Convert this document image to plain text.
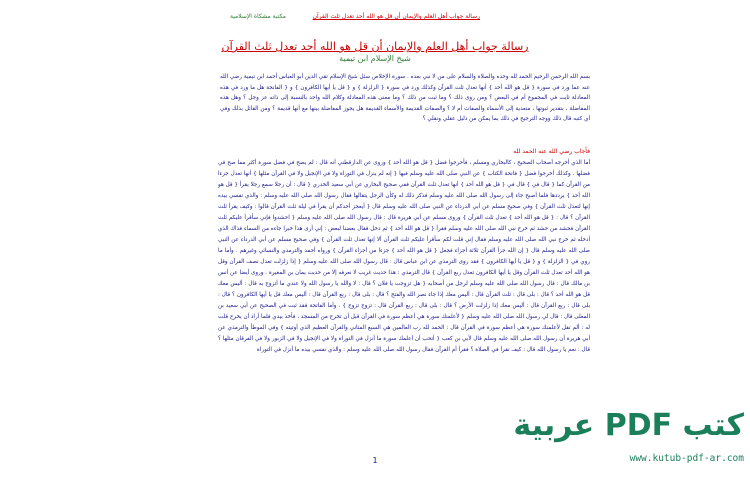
رسالة جواب أهل العلم والإيمان أن قل هو الله أحد تعدل ثلث القرآن
مكتبة مشكاة الإسلامية
رسالة جواب أهل العلم والإيمان أن قل هو الله أحد تعدل ثلث القرآن
شيخ الإسلام ابن تيمية
بسم الله الرحمن الرحيم الحمد لله وحده والصلاة والسلام على من لا نبي بعده . سورة الإخلاص سئل شيخ الإسلام تقي الدين أبو العباس أحمد ابن تيمية رضي الله عنه عما ورد في سورة { قل هو الله أحد } أنها تعدل ثلث القرآن وكذلك ورد في سورة { الزلزلة } و { قل يا أيها الكافرون } و { الفاتحة هل ما ورد في هذه المعادلة ثابت في المجموع أم في البعض ؟ ومن روى ذلك ؟ وما ثبت من ذلك ؟ وما معنى هذه المعادلة وكلام الله واحد بالنسبة إلى ذاته عز وجل ؟ وهل هذه المفاضلة ، بتقدير ثبوتها ، متعدية إلى الأسماء والصفات أم لا ؟ والصفات القديمة والأسماء القديمة هل يجوز المفاضلة بينها مع أنها قديمة ؟ ومن القائل بذلك وفي أي كتبه قال ذلك ووجه الترجيح في ذلك بما يمكن من دليل عقلي ونقلي ؟
فأجاب رضي الله عنه الحمد لله

أما الذي أخرجه أصحاب الصحيح ، كالبخاري ومسلم ، فأحرجوا فضل { قل هو الله أحد } وروى عن الدارقطني أنه قال : لم يصح في فضل سورة أكثر مما صح في فضلها . وكذلك أخرجوا فضل { فاتحة الكتاب } عن النبي صلى الله عليه وسلم فيها { إنه لم ينزل في التوراة ولا في الإنجيل ولا في القرآن مثلها } أنها تعدل جزءا من القرآن كما { قال في } قال في { قل هو الله أحد } أنها تعدل ثلث القرآن ففي صحيح البخاري عن أبي سعيد الخدري { قال : أن رجلا سمع رجلا يقرأ { قل هو الله أحد } يرددها فلما أصبح جاء إلى رسول الله صلى الله عليه وسلم فذكر ذلك له وكأن الرجل يتقالها فقال رسول الله صلى الله عليه وسلم : والذي نفسي بيده إنها لتعدل ثلث القرآن } وفي صحيح مسلم عن أبي الدرداء عن النبي صلى الله عليه وسلم قال { أيعجز أحدكم أن يقرأ في ليلة ثلث القرآن قالوا : وكيف يقرأ ثلث القرآن ؟ قال : { قل هو الله أحد } تعدل ثلث القرآن } وروى مسلم عن أبي هريرة قال : قال رسول الله صلى الله عليه وسلم { احشدوا فإني سأقرأ عليكم ثلث القرآن فحشد من حشد ثم خرج نبي الله صلى الله عليه وسلم فقرأ { قل هو الله أحد } ثم دخل فقال بعضنا لبعض : إني أرى هذا خبرا جاءه من السماء فذاك الذي أدخله ثم خرج نبي الله صلى الله عليه وسلم فقال إني قلت لكم سأقرأ عليكم ثلث القرآن ألا إنها تعدل ثلث القرآن } وفي صحيح مسلم عن أبي الدرداء عن النبي صلى الله عليه وسلم قال { إن الله جزأ القرآن ثلاثة أجزاء فجعل { قل هو الله أحد } جزءا من أجزاء القرآن } ورواه أحمد والترمذي والنسائي وغيرهم . وأما ما روي في { الزلزلة } و { قل يا أيها الكافرون } فقد روى الترمذي عن ابن عباس قال : قال رسول الله صلى الله عليه وسلم { إذا زلزلت تعدل نصف القرآن وقل هو الله أحد تعدل ثلث القرآن وقل يا أيها الكافرون تعدل ربع القرآن } قال الترمذي : هذا حديث غريب لا نعرفه إلا من حديث يمان بن المغيرة . وروى أيضا عن أنس بن مالك قال : قال رسول الله صلى الله عليه وسلم لرجل من أصحابه { هل تزوجت يا فلان ؟ قال : لا والله يا رسول الله ولا عندي ما أتزوج به قال : أليس معك قل هو الله أحد ؟ قال : بلى قال : ثلث القرآن قال : أليس معك إذا جاء نصر الله والفتح ؟ قال : بلى قال : ربع القرآن قال : أليس معك قل يا أيها الكافرون ؟ قال : بلى قال : ربع القرآن قال : أليس معك إذا زلزلت الأرض ؟ قال : بلى قال : ربع القرآن قال : تزوج تزوج } . وأما الفاتحة فقد ثبت في الصحيح عن أبي سعيد بن المعلى قال : قال لي رسول الله صلى الله عليه وسلم { لأعلمنك سورة هي أعظم سورة في القرآن قبل أن تخرج من المسجد ، فأخذ بيدي فلما أراد أن يخرج قلت له : ألم تقل لأعلمنك سورة هي أعظم سورة في القرآن قال : الحمد لله رب العالمين هي السبع المثاني والقرآن العظيم الذي أوتيته } وفي الموطأ والترمذي عن أبي هريرة أن رسول الله صلى الله عليه وسلم قال لأبي بن كعب { أتحب أن أعلمك سورة ما أنزل في التوراة ولا في الإنجيل ولا في الزبور ولا في الفرقان مثلها ؟ قال : نعم يا رسول الله قال : كيف تقرأ في الصلاة ؟ فقرأ أم القرآن فقال رسول الله صلى الله عليه وسلم : والذي نفسي بيده ما أنزل في التوراة

1
كتب PDF عربية
www.kutub-pdf-ar.com
